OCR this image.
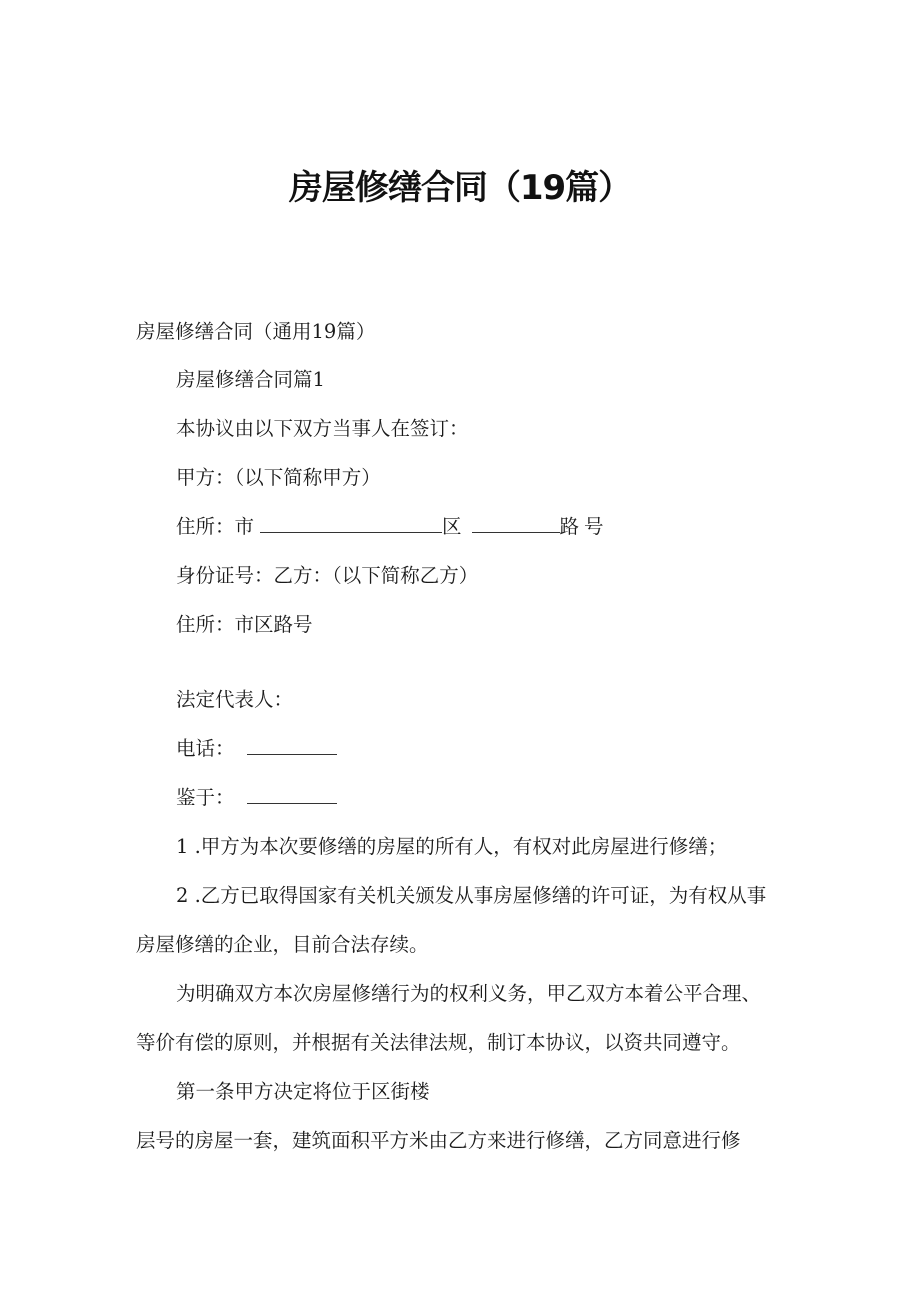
房屋修缮合同（19篇）
房屋修缮合同（通用19篇）
房屋修缮合同篇1
本协议由以下双方当事人在签订：
甲方：（以下简称甲方）
住所：市	区	路号
身份证号：乙方：（以下简称乙方）
住所：市区路号
法定代表人：
电话：
鉴于：
1 .甲方为本次要修缮的房屋的所有人，有权对此房屋进行修缮；
2 .乙方已取得国家有关机关颁发从事房屋修缮的许可证，为有权从事
房屋修缮的企业，目前合法存续。
为明确双方本次房屋修缮行为的权利义务，甲乙双方本着公平合理、
等价有偿的原则，并根据有关法律法规，制订本协议，以资共同遵守。
第一条甲方决定将位于区街楼
层号的房屋一套，建筑面积平方米由乙方来进行修缮，乙方同意进行修
